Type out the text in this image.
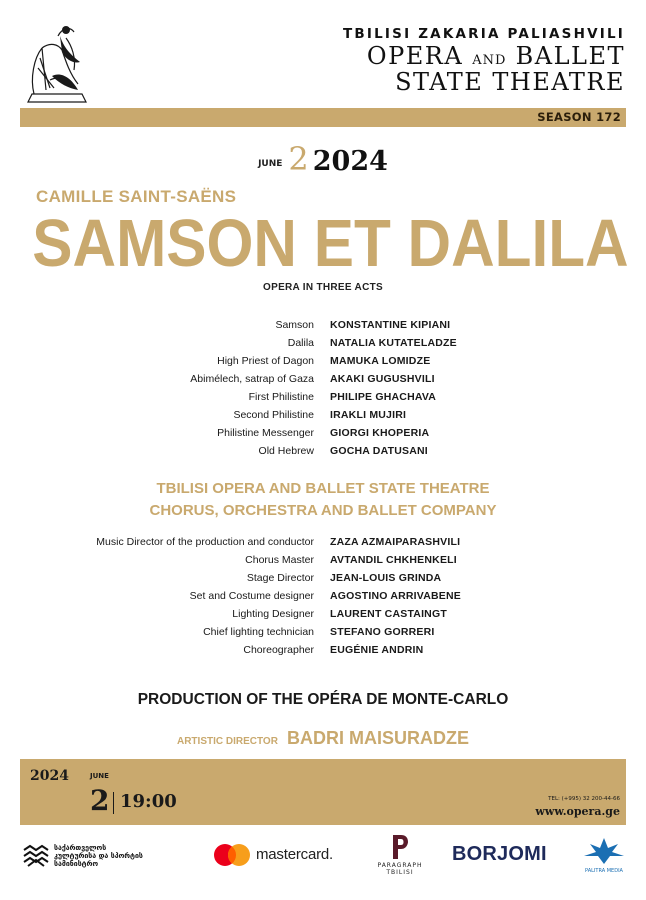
TBILISI ZAKARIA PALIASHVILI
OPERA AND BALLET
STATE THEATRE
SEASON 172
$^{JUNE}$ 2 2024
CAMILLE SAINT-SAËNS
SAMSON ET DALILA
OPERA IN THREE ACTS
Samson KONSTANTINE KIPIANI
Dalila NATALIA KUTATELADZE
High Priest of Dagon MAMUKA LOMIDZE
Abimélech, satrap of Gaza AKAKI GUGUSHVILI
First Philistine PHILIPE GHACHAVA
Second Philistine IRAKLI MUJIRI
Philistine Messenger GIORGI KHOPERIA
Old Hebrew GOCHA DATUSANI
TBILISI OPERA AND BALLET STATE THEATRE
CHORUS, ORCHESTRA AND BALLET COMPANY
Music Director of the production and conductor ZAZA AZMAIPARASHVILI
Chorus Master AVTANDIL CHKHENKELI
Stage Director JEAN-LOUIS GRINDA
Set and Costume designer AGOSTINO ARRIVABENE
Lighting Designer LAURENT CASTAINGT
Chief lighting technician STEFANO GORRERI
Choreographer EUGÉNIE ANDRIN
PRODUCTION OF THE OPÉRA DE MONTE-CARLO
ARTISTIC DIRECTOR BADRI MAISURADZE
2024	JUNE
2 19:00	TEL: (+995) 32 200-44-66
www.opera.ge
საქართველოს
კულტურისა და სპორტის
სამინისტრო
mastercard.
PARAGRAPH
TBILISI
BORJOMI
PALITRA MEDIA
